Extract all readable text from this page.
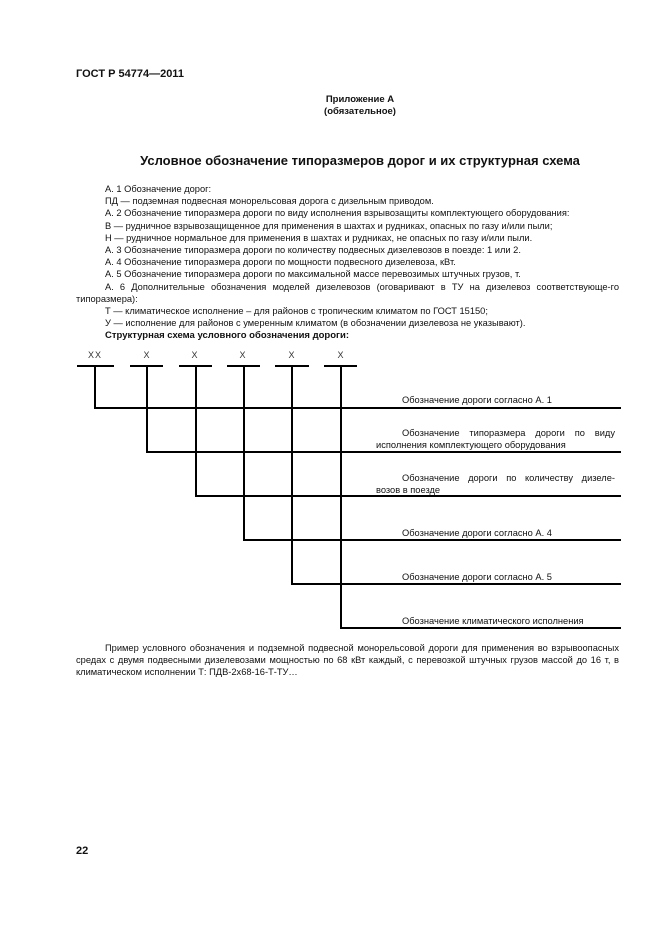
ГОСТ Р 54774—2011
Приложение А
(обязательное)
Условное обозначение типоразмеров дорог и их структурная схема

А. 1 Обозначение дорог:

ПД — подземная подвесная монорельсовая дорога с дизельным приводом.

А. 2 Обозначение типоразмера дороги по виду исполнения взрывозащиты комплектующего оборудования:

В — рудничное взрывозащищенное для применения в шахтах и рудниках, опасных по газу и/или пыли;

Н — рудничное нормальное для применения в шахтах и рудниках, не опасных по газу и/или пыли.

А. 3 Обозначение типоразмера дороги по количеству подвесных дизелевозов в поезде: 1 или 2.

А. 4 Обозначение типоразмера дороги по мощности подвесного дизелевоза, кВт.

А. 5 Обозначение типоразмера дороги по максимальной массе перевозимых штучных грузов, т.

А. 6 Дополнительные обозначения моделей дизелевозов (оговаривают в ТУ на дизелевоз соответствующе-го типоразмера):

Т — климатическое исполнение – для районов с тропическим климатом по ГОСТ 15150;

У — исполнение для районов с умеренным климатом (в обозначении дизелевоза не указывают).

Структурная схема условного обозначения дороги:
XX	X	X	X	X	X
Обозначение дороги согласно А. 1
Обозначение типоразмера дороги по виду исполнения комплектующего оборудования
Обозначение дороги по количеству дизеле-возов в поезде
Обозначение дороги согласно А. 4
Обозначение дороги согласно А. 5
Обозначение климатического исполнения

Пример условного обозначения и подземной подвесной монорельсовой дороги для применения во взрывоопасных средах с двумя подвесными дизелевозами мощностью по 68 кВт каждый, с перевозкой штучных грузов массой до 16 т, в климатическом исполнении Т: ПДВ-2х68-16-Т-ТУ…

22
